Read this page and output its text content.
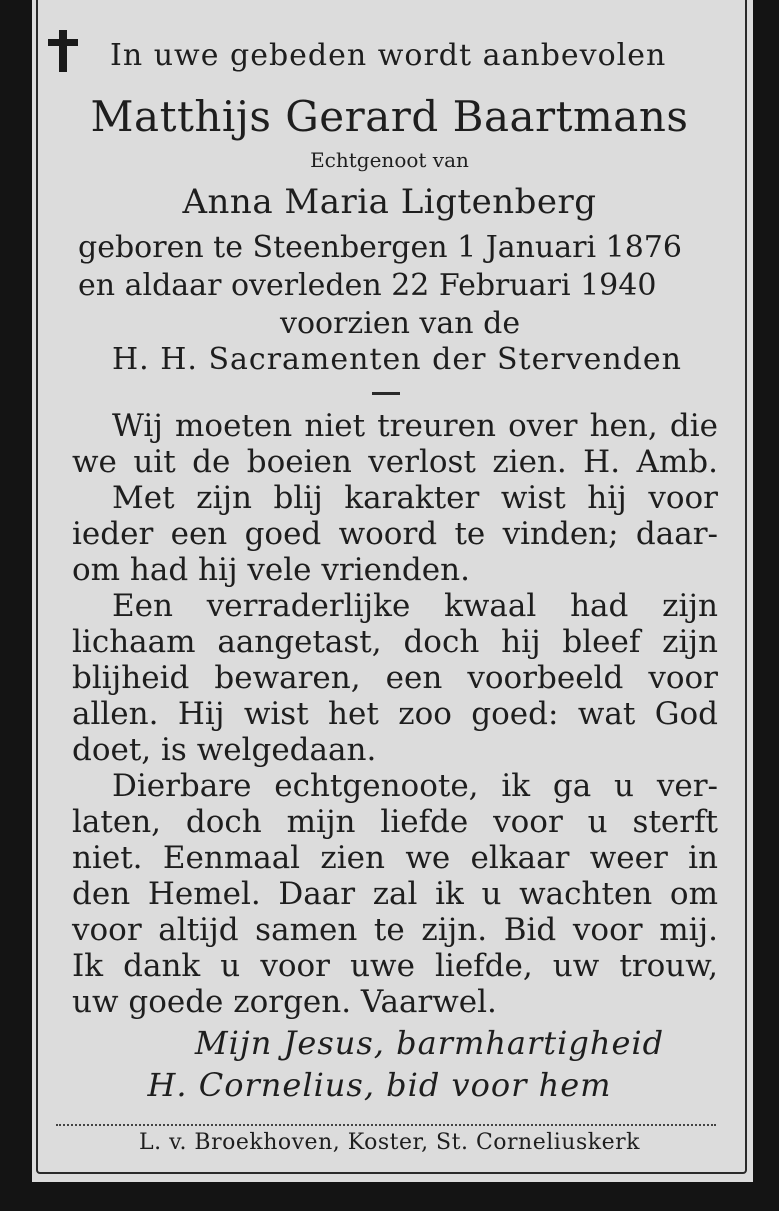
In uwe gebeden wordt aanbevolen
Matthijs Gerard Baartmans
Echtgenoot van
Anna Maria Ligtenberg
geboren te Steenbergen 1 Januari 1876
en aldaar overleden 22 Februari 1940
voorzien van de
H. H. Sacramenten der Stervenden
Wij moeten niet treuren over hen, die
we uit de boeien verlost zien. H. Amb.
Met zijn blij karakter wist hij voor
ieder een goed woord te vinden; daar-
om had hij vele vrienden.
Een verraderlijke kwaal had zijn
lichaam aangetast, doch hij bleef zijn
blijheid bewaren, een voorbeeld voor
allen. Hij wist het zoo goed: wat God
doet, is welgedaan.
Dierbare echtgenoote, ik ga u ver-
laten, doch mijn liefde voor u sterft
niet. Eenmaal zien we elkaar weer in
den Hemel. Daar zal ik u wachten om
voor altijd samen te zijn. Bid voor mij.
Ik dank u voor uwe liefde, uw trouw,
uw goede zorgen. Vaarwel.
Mijn Jesus, barmhartigheid
H. Cornelius, bid voor hem
L. v. Broekhoven, Koster, St. Corneliuskerk
